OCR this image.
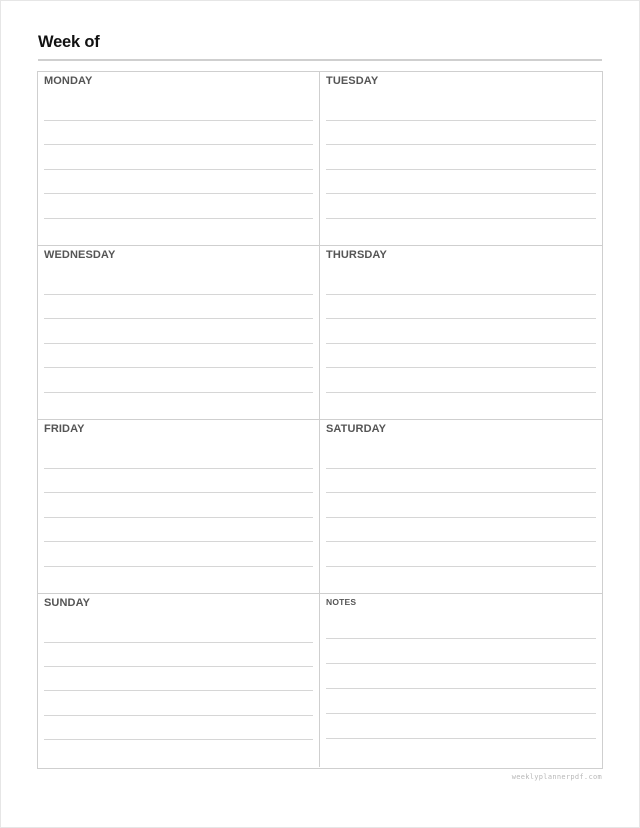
Week of
MONDAY	TUESDAY
WEDNESDAY	THURSDAY
FRIDAY	SATURDAY
SUNDAY	NOTES
weeklyplannerpdf.com
